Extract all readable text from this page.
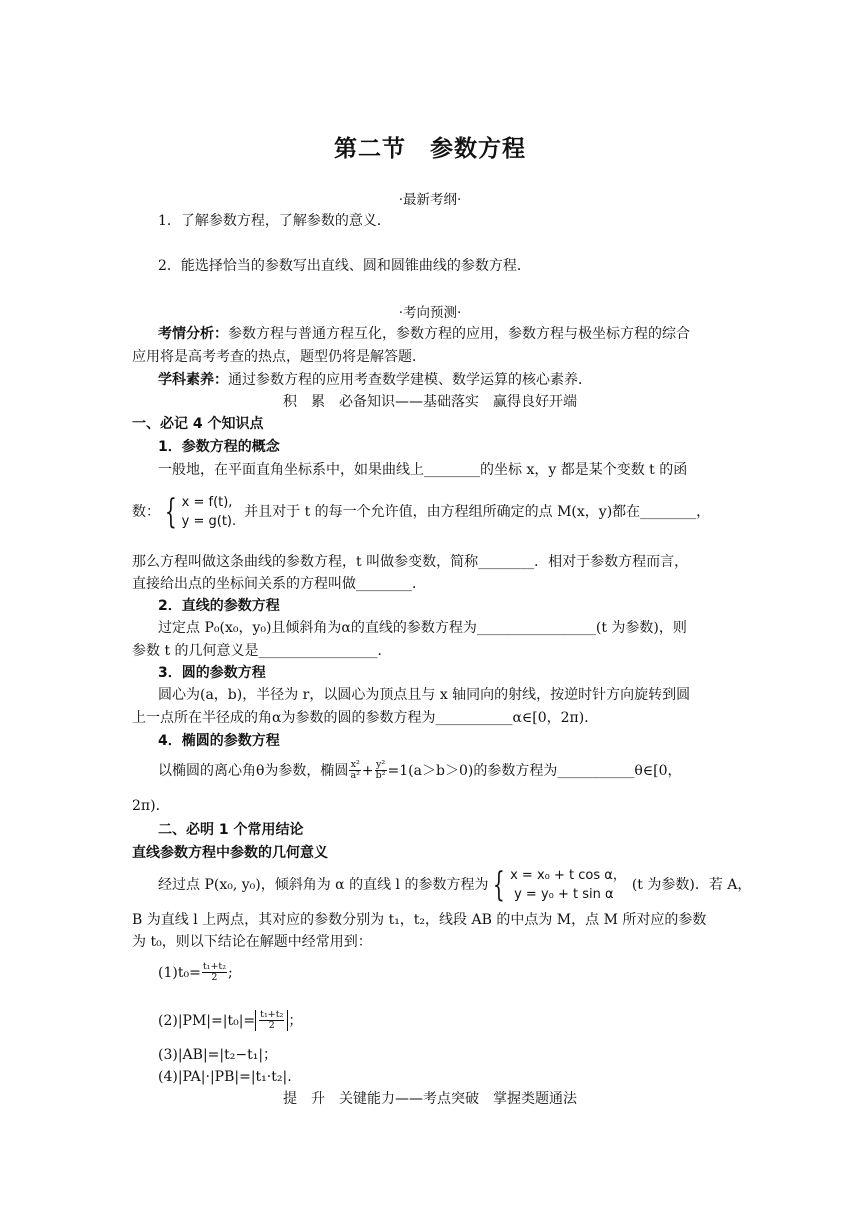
第二节　参数方程
·最新考纲·
1．了解参数方程，了解参数的意义．
2．能选择恰当的参数写出直线、圆和圆锥曲线的参数方程．
·考向预测·
考情分析：参数方程与普通方程互化，参数方程的应用，参数方程与极坐标方程的综合
应用将是高考考查的热点，题型仍将是解答题．
学科素养：通过参数方程的应用考查数学建模、数学运算的核心素养．
积　累　必备知识——基础落实　赢得良好开端
一、必记 4 个知识点
1．参数方程的概念
一般地，在平面直角坐标系中，如果曲线上________的坐标 x，y 都是某个变数 t 的函
数： { x = f(t),
y = g(t).
并且对于 t 的每一个允许值，由方程组所确定的点 M(x，y)都在________，
那么方程叫做这条曲线的参数方程，t 叫做参变数，简称________．相对于参数方程而言，
直接给出点的坐标间关系的方程叫做________．
2．直线的参数方程
过定点 P₀(x₀，y₀)且倾斜角为α的直线的参数方程为_________________(t 为参数)，则
参数 t 的几何意义是_________________．
3．圆的参数方程
圆心为(a，b)，半径为 r，以圆心为顶点且与 x 轴同向的射线，按逆时针方向旋转到圆
上一点所在半径成的角α为参数的圆的参数方程为___________α∈[0，2π)．
4．椭圆的参数方程
以椭圆的离心角θ为参数，椭圆 $\frac{\text{x²}}{\text{a²}} + \frac{\text{y²}}{\text{b²}} =1(a>b>0)$的参数方程为___________θ∈[0，
2π)．
二、必明 1 个常用结论
直线参数方程中参数的几何意义
经过点 P(x₀, y₀)，倾斜角为 α 的直线 l 的参数方程为 { x = x₀ + t cos α，
y = y₀ + t sin α
(t 为参数)．若 A，
B 为直线 l 上两点，其对应的参数分别为 t₁，t₂，线段 AB 的中点为 M，点 M 所对应的参数
为 t₀，则以下结论在解题中经常用到：
$(1)t_0= \frac{\text{t₁+t₂}}{2}$ ;
$(2)|PM|=|t_0|= \frac{\text{t₁+t₂}}{2}$ ；
(3)|AB|=|t₂−t₁|；
(4)|PA|·|PB|=|t₁·t₂|.
提　升　关键能力——考点突破　掌握类题通法
